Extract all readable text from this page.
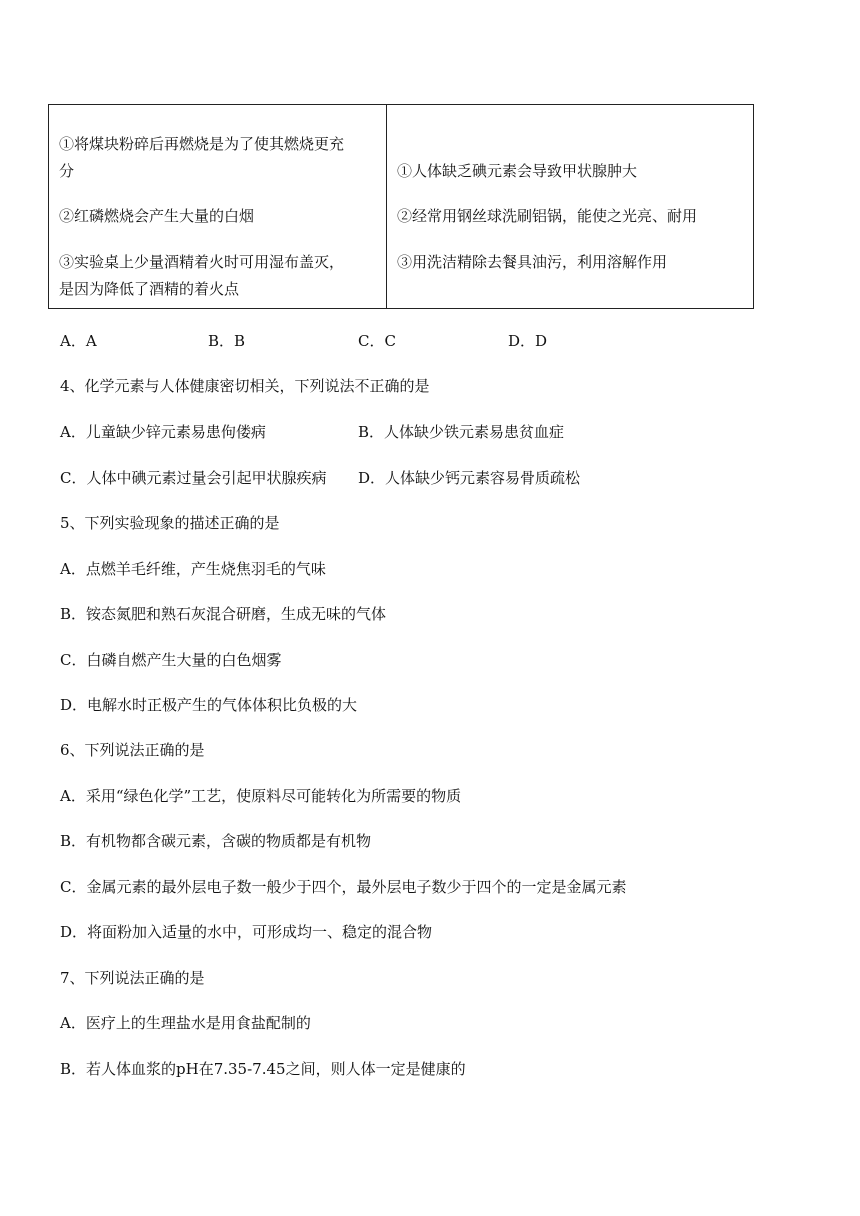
①将煤块粉碎后再燃烧是为了使其燃烧更充
分
②红磷燃烧会产生大量的白烟
③实验桌上少量酒精着火时可用湿布盖灭，
是因为降低了酒精的着火点
①人体缺乏碘元素会导致甲状腺肿大
②经常用钢丝球洗刷铝锅，能使之光亮、耐用
③用洗洁精除去餐具油污，利用溶解作用
A．A	B．B	C．C	D．D
4、化学元素与人体健康密切相关，下列说法不正确的是
A．儿童缺少锌元素易患佝偻病	B．人体缺少铁元素易患贫血症
C．人体中碘元素过量会引起甲状腺疾病 D．人体缺少钙元素容易骨质疏松
5、下列实验现象的描述正确的是
A．点燃羊毛纤维，产生烧焦羽毛的气味
B．铵态氮肥和熟石灰混合研磨，生成无味的气体
C．白磷自燃产生大量的白色烟雾
D．电解水时正极产生的气体体积比负极的大
6、下列说法正确的是
A．采用“绿色化学”工艺，使原料尽可能转化为所需要的物质
B．有机物都含碳元素，含碳的物质都是有机物
C．金属元素的最外层电子数一般少于四个，最外层电子数少于四个的一定是金属元素
D．将面粉加入适量的水中，可形成均一、稳定的混合物
7、下列说法正确的是
A．医疗上的生理盐水是用食盐配制的
B．若人体血浆的pH在7.35-7.45之间，则人体一定是健康的
